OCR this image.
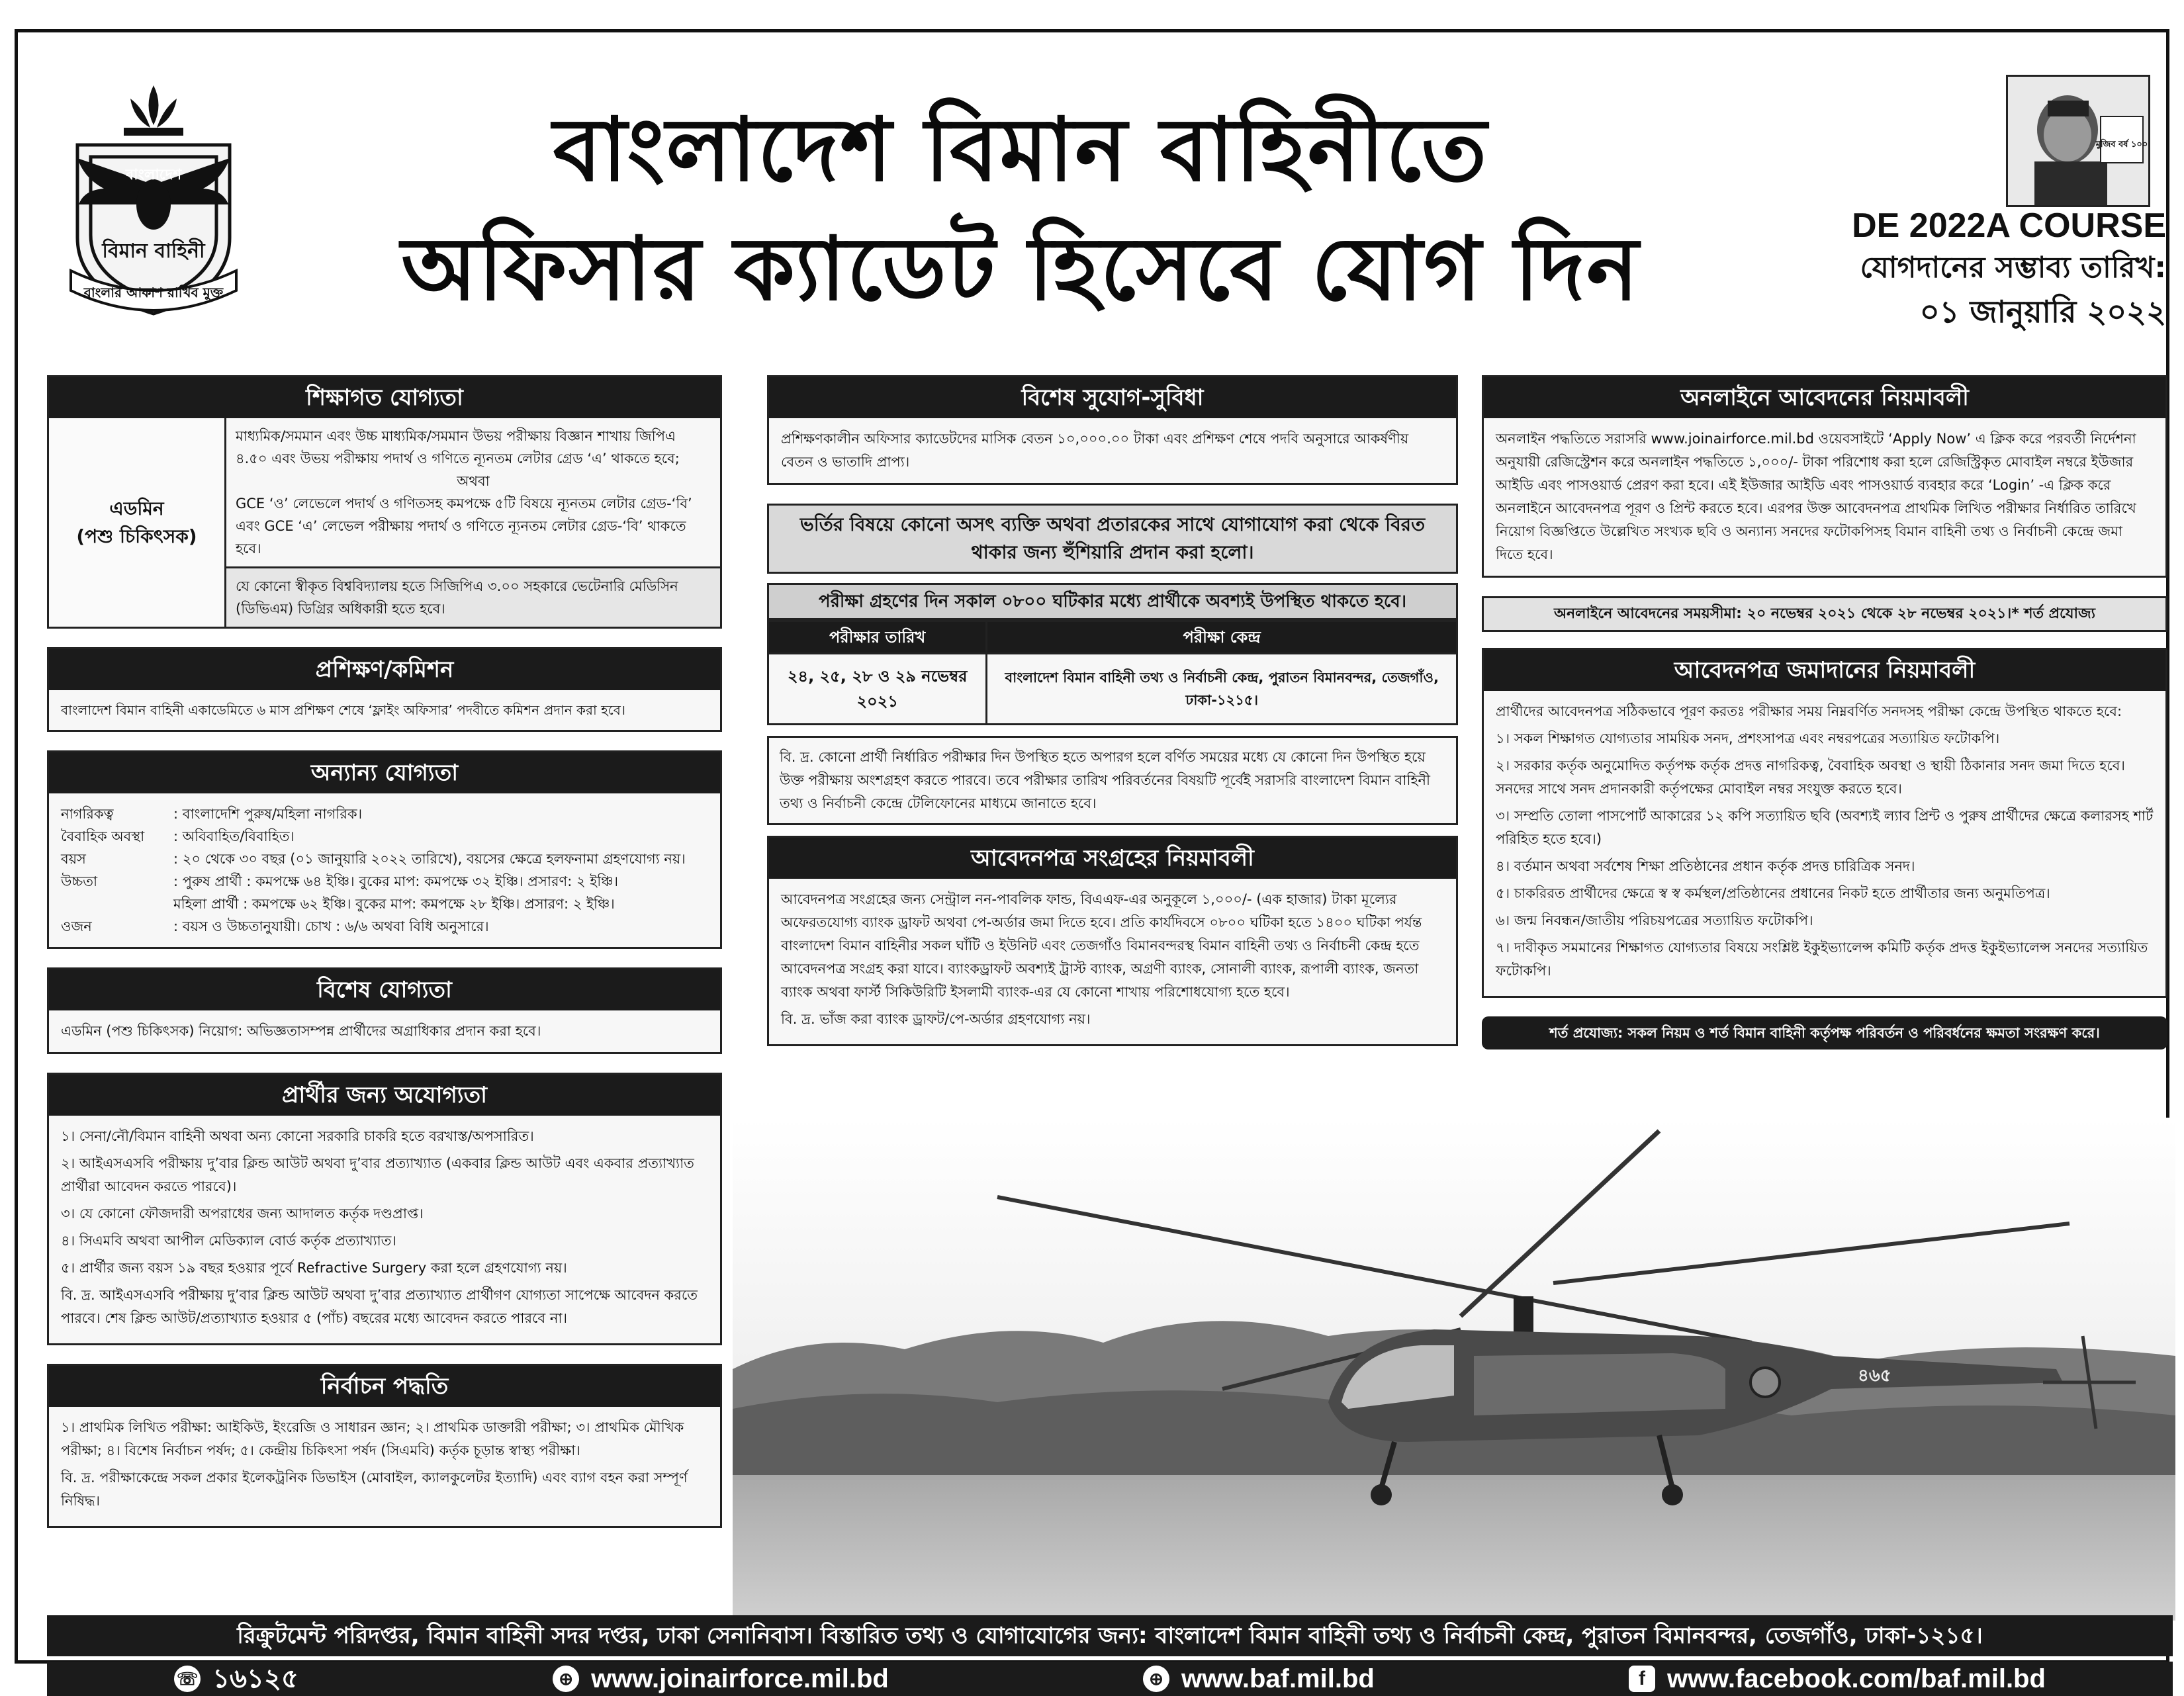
বাংলাদেশ
বিমান বাহিনী
বাংলার আকাশ রাখিব মুক্ত
বাংলাদেশ বিমান বাহিনীতে
অফিসার ক্যাডেট হিসেবে যোগ দিন
মুজিব বর্ষ ১০০
DE 2022A COURSE
যোগদানের সম্ভাব্য তারিখ:
০১ জানুয়ারি ২০২২
শিক্ষাগত যোগ্যতা
এডমিন
(পশু চিকিৎসক)
মাধ্যমিক/সমমান এবং উচ্চ মাধ্যমিক/সমমান উভয় পরীক্ষায় বিজ্ঞান শাখায় জিপিএ ৪.৫০ এবং উভয় পরীক্ষায় পদার্থ ও গণিতে ন্যূনতম লেটার গ্রেড ‘এ’ থাকতে হবে;
অথবা
GCE ‘ও’ লেভেলে পদার্থ ও গণিতসহ কমপক্ষে ৫টি বিষয়ে ন্যূনতম লেটার গ্রেড-‘বি’ এবং GCE ‘এ’ লেভেল পরীক্ষায় পদার্থ ও গণিতে ন্যূনতম লেটার গ্রেড-‘বি’ থাকতে হবে।
যে কোনো স্বীকৃত বিশ্ববিদ্যালয় হতে সিজিপিএ ৩.০০ সহকারে ভেটেনারি মেডিসিন (ডিভিএম) ডিগ্রির অধিকারী হতে হবে।
প্রশিক্ষণ/কমিশন
বাংলাদেশ বিমান বাহিনী একাডেমিতে ৬ মাস প্রশিক্ষণ শেষে ‘ফ্লাইং অফিসার’ পদবীতে কমিশন প্রদান করা হবে।
অন্যান্য যোগ্যতা
নাগরিকত্ব	: বাংলাদেশি পুরুষ/মহিলা নাগরিক।
বৈবাহিক অবস্থা	: অবিবাহিত/বিবাহিত।
বয়স	: ২০ থেকে ৩০ বছর (০১ জানুয়ারি ২০২২ তারিখে), বয়সের ক্ষেত্রে হলফনামা গ্রহণযোগ্য নয়।
উচ্চতা	: পুরুষ প্রার্থী : কমপক্ষে ৬৪ ইঞ্চি। বুকের মাপ: কমপক্ষে ৩২ ইঞ্চি। প্রসারণ: ২ ইঞ্চি।
মহিলা প্রার্থী : কমপক্ষে ৬২ ইঞ্চি। বুকের মাপ: কমপক্ষে ২৮ ইঞ্চি। প্রসারণ: ২ ইঞ্চি।
ওজন	: বয়স ও উচ্চতানুযায়ী। চোখ : ৬/৬ অথবা বিধি অনুসারে।
বিশেষ যোগ্যতা
এডমিন (পশু চিকিৎসক) নিয়োগ: অভিজ্ঞতাসম্পন্ন প্রার্থীদের অগ্রাধিকার প্রদান করা হবে।
প্রার্থীর জন্য অযোগ্যতা

১। সেনা/নৌ/বিমান বাহিনী অথবা অন্য কোনো সরকারি চাকরি হতে বরখাস্ত/অপসারিত।

২। আইএসএসবি পরীক্ষায় দু’বার ক্লিন্ড আউট অথবা দু’বার প্রত্যাখ্যাত (একবার ক্লিন্ড আউট এবং একবার প্রত্যাখ্যাত প্রার্থীরা আবেদন করতে পারবে)।

৩। যে কোনো ফৌজদারী অপরাধের জন্য আদালত কর্তৃক দণ্ডপ্রাপ্ত।

৪। সিএমবি অথবা আপীল মেডিক্যাল বোর্ড কর্তৃক প্রত্যাখ্যাত।

৫। প্রার্থীর জন্য বয়স ১৯ বছর হওয়ার পূর্বে Refractive Surgery করা হলে গ্রহণযোগ্য নয়।

বি. দ্র. আইএসএসবি পরীক্ষায় দু’বার ক্লিন্ড আউট অথবা দু’বার প্রত্যাখ্যাত প্রার্থীগণ যোগ্যতা সাপেক্ষে আবেদন করতে পারবে। শেষ ক্লিন্ড আউট/প্রত্যাখ্যাত হওয়ার ৫ (পাঁচ) বছরের মধ্যে আবেদন করতে পারবে না।

নির্বাচন পদ্ধতি

১। প্রাথমিক লিখিত পরীক্ষা: আইকিউ, ইংরেজি ও সাধারন জ্ঞান; ২। প্রাথমিক ডাক্তারী পরীক্ষা; ৩। প্রাথমিক মৌখিক পরীক্ষা; ৪। বিশেষ নির্বাচন পর্ষদ; ৫। কেন্দ্রীয় চিকিৎসা পর্ষদ (সিএমবি) কর্তৃক চূড়ান্ত স্বাস্থ্য পরীক্ষা।

বি. দ্র. পরীক্ষাকেন্দ্রে সকল প্রকার ইলেকট্রনিক ডিভাইস (মোবাইল, ক্যালকুলেটর ইত্যাদি) এবং ব্যাগ বহন করা সম্পূর্ণ নিষিদ্ধ।

বিশেষ সুযোগ-সুবিধা
প্রশিক্ষণকালীন অফিসার ক্যাডেটদের মাসিক বেতন ১০,০০০.০০ টাকা এবং প্রশিক্ষণ শেষে পদবি অনুসারে আকর্ষণীয় বেতন ও ভাতাদি প্রাপ্য।
ভর্তির বিষয়ে কোনো অসৎ ব্যক্তি অথবা প্রতারকের সাথে যোগাযোগ করা থেকে বিরত থাকার জন্য হুঁশিয়ারি প্রদান করা হলো।
পরীক্ষা গ্রহণের দিন সকাল ০৮০০ ঘটিকার মধ্যে প্রার্থীকে অবশ্যই উপস্থিত থাকতে হবে।
পরীক্ষার তারিখ	পরীক্ষা কেন্দ্র
২৪, ২৫, ২৮ ও ২৯ নভেম্বর ২০২১	বাংলাদেশ বিমান বাহিনী তথ্য ও নির্বাচনী কেন্দ্র, পুরাতন বিমানবন্দর, তেজগাঁও, ঢাকা-১২১৫।
বি. দ্র. কোনো প্রার্থী নির্ধারিত পরীক্ষার দিন উপস্থিত হতে অপারগ হলে বর্ণিত সময়ের মধ্যে যে কোনো দিন উপস্থিত হয়ে উক্ত পরীক্ষায় অংশগ্রহণ করতে পারবে। তবে পরীক্ষার তারিখ পরিবর্তনের বিষয়টি পূর্বেই সরাসরি বাংলাদেশ বিমান বাহিনী তথ্য ও নির্বাচনী কেন্দ্রে টেলিফোনের মাধ্যমে জানাতে হবে।
আবেদনপত্র সংগ্রহের নিয়মাবলী

আবেদনপত্র সংগ্রহের জন্য সেন্ট্রাল নন-পাবলিক ফান্ড, বিএএফ-এর অনুকূলে ১,০০০/- (এক হাজার) টাকা মূল্যের অফেরতযোগ্য ব্যাংক ড্রাফট অথবা পে-অর্ডার জমা দিতে হবে। প্রতি কার্যদিবসে ০৮০০ ঘটিকা হতে ১৪০০ ঘটিকা পর্যন্ত বাংলাদেশ বিমান বাহিনীর সকল ঘাঁটি ও ইউনিট এবং তেজগাঁও বিমানবন্দরস্থ বিমান বাহিনী তথ্য ও নির্বাচনী কেন্দ্র হতে আবেদনপত্র সংগ্রহ করা যাবে। ব্যাংকড্রাফট অবশ্যই ট্রাস্ট ব্যাংক, অগ্রণী ব্যাংক, সোনালী ব্যাংক, রূপালী ব্যাংক, জনতা ব্যাংক অথবা ফার্স্ট সিকিউরিটি ইসলামী ব্যাংক-এর যে কোনো শাখায় পরিশোধযোগ্য হতে হবে।

বি. দ্র. ভাঁজ করা ব্যাংক ড্রাফট/পে-অর্ডার গ্রহণযোগ্য নয়।

অনলাইনে আবেদনের নিয়মাবলী
অনলাইন পদ্ধতিতে সরাসরি www.joinairforce.mil.bd ওয়েবসাইটে ‘Apply Now’ এ ক্লিক করে পরবর্তী নির্দেশনা অনুযায়ী রেজিস্ট্রেশন করে অনলাইন পদ্ধতিতে ১,০০০/- টাকা পরিশোধ করা হলে রেজিস্ট্রিকৃত মোবাইল নম্বরে ইউজার আইডি এবং পাসওয়ার্ড প্রেরণ করা হবে। এই ইউজার আইডি এবং পাসওয়ার্ড ব্যবহার করে ‘Login’ -এ ক্লিক করে অনলাইনে আবেদনপত্র পূরণ ও প্রিন্ট করতে হবে। এরপর উক্ত আবেদনপত্র প্রাথমিক লিখিত পরীক্ষার নির্ধারিত তারিখে নিয়োগ বিজ্ঞপ্তিতে উল্লেখিত সংখ্যক ছবি ও অন্যান্য সনদের ফটোকপিসহ বিমান বাহিনী তথ্য ও নির্বাচনী কেন্দ্রে জমা দিতে হবে।
অনলাইনে আবেদনের সময়সীমা: ২০ নভেম্বর ২০২১ থেকে ২৮ নভেম্বর ২০২১।* শর্ত প্রযোজ্য
আবেদনপত্র জমাদানের নিয়মাবলী

প্রার্থীদের আবেদনপত্র সঠিকভাবে পূরণ করতঃ পরীক্ষার সময় নিম্নবর্ণিত সনদসহ পরীক্ষা কেন্দ্রে উপস্থিত থাকতে হবে:

১। সকল শিক্ষাগত যোগ্যতার সাময়িক সনদ, প্রশংসাপত্র এবং নম্বরপত্রের সত্যায়িত ফটোকপি।

২। সরকার কর্তৃক অনুমোদিত কর্তৃপক্ষ কর্তৃক প্রদত্ত নাগরিকত্ব, বৈবাহিক অবস্থা ও স্থায়ী ঠিকানার সনদ জমা দিতে হবে। সনদের সাথে সনদ প্রদানকারী কর্তৃপক্ষের মোবাইল নম্বর সংযুক্ত করতে হবে।

৩। সম্প্রতি তোলা পাসপোর্ট আকারের ১২ কপি সত্যায়িত ছবি (অবশ্যই ল্যাব প্রিন্ট ও পুরুষ প্রার্থীদের ক্ষেত্রে কলারসহ শার্ট পরিহিত হতে হবে।)

৪। বর্তমান অথবা সর্বশেষ শিক্ষা প্রতিষ্ঠানের প্রধান কর্তৃক প্রদত্ত চারিত্রিক সনদ।

৫। চাকরিরত প্রার্থীদের ক্ষেত্রে স্ব স্ব কর্মস্থল/প্রতিষ্ঠানের প্রধানের নিকট হতে প্রার্থীতার জন্য অনুমতিপত্র।

৬। জন্ম নিবন্ধন/জাতীয় পরিচয়পত্রের সত্যায়িত ফটোকপি।

৭। দাবীকৃত সমমানের শিক্ষাগত যোগ্যতার বিষয়ে সংশ্লিষ্ট ইকুইভ্যালেন্স কমিটি কর্তৃক প্রদত্ত ইকুইভ্যালেন্স সনদের সত্যায়িত ফটোকপি।

শর্ত প্রযোজ্য: সকল নিয়ম ও শর্ত বিমান বাহিনী কর্তৃপক্ষ পরিবর্তন ও পরিবর্ধনের ক্ষমতা সংরক্ষণ করে।
৪৬৫
রিক্রুটমেন্ট পরিদপ্তর, বিমান বাহিনী সদর দপ্তর, ঢাকা সেনানিবাস। বিস্তারিত তথ্য ও যোগাযোগের জন্য: বাংলাদেশ বিমান বাহিনী তথ্য ও নির্বাচনী কেন্দ্র, পুরাতন বিমানবন্দর, তেজগাঁও, ঢাকা-১২১৫।
☏ ১৬১২৫	⊕ www.joinairforce.mil.bd	⊕ www.baf.mil.bd	f www.facebook.com/baf.mil.bd
